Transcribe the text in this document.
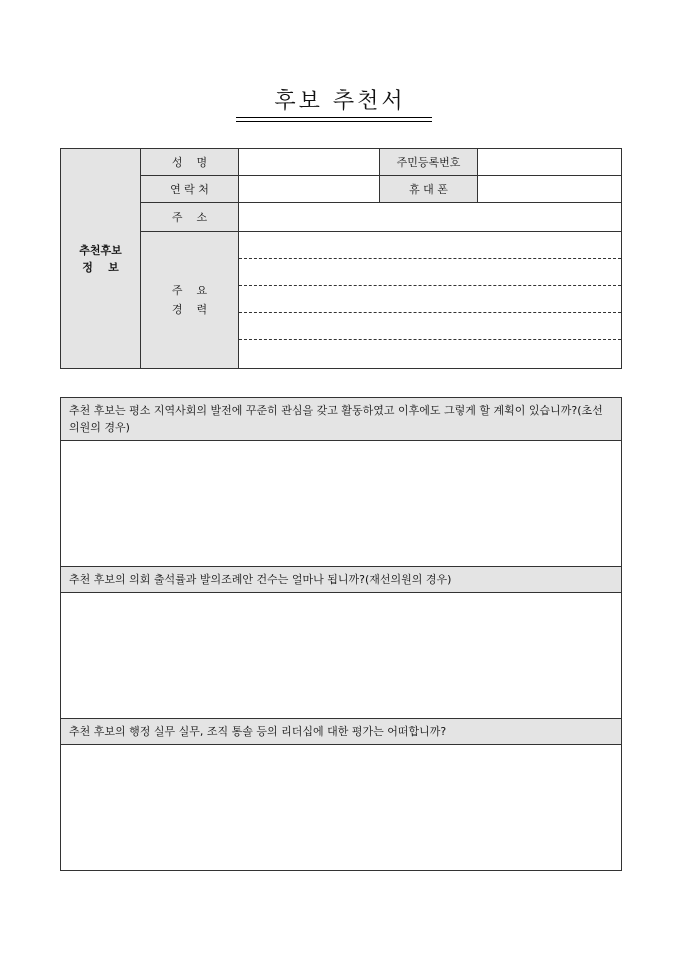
후보 추천서
추천후보
정    보	성    명		주민등록번호	
	연 락 처		휴 대 폰	
	주    소			
	주    요
경    력			
추천 후보는 평소 지역사회의 발전에 꾸준히 관심을 갖고 활동하였고 이후에도 그렇게 할 계획이 있습니까?(초선의원의 경우)

추천 후보의 의회 출석률과 발의조례안 건수는 얼마나 됩니까?(재선의원의 경우)

추천 후보의 행정 실무 실무, 조직 통솔 등의 리더십에 대한 평가는 어떠합니까?
